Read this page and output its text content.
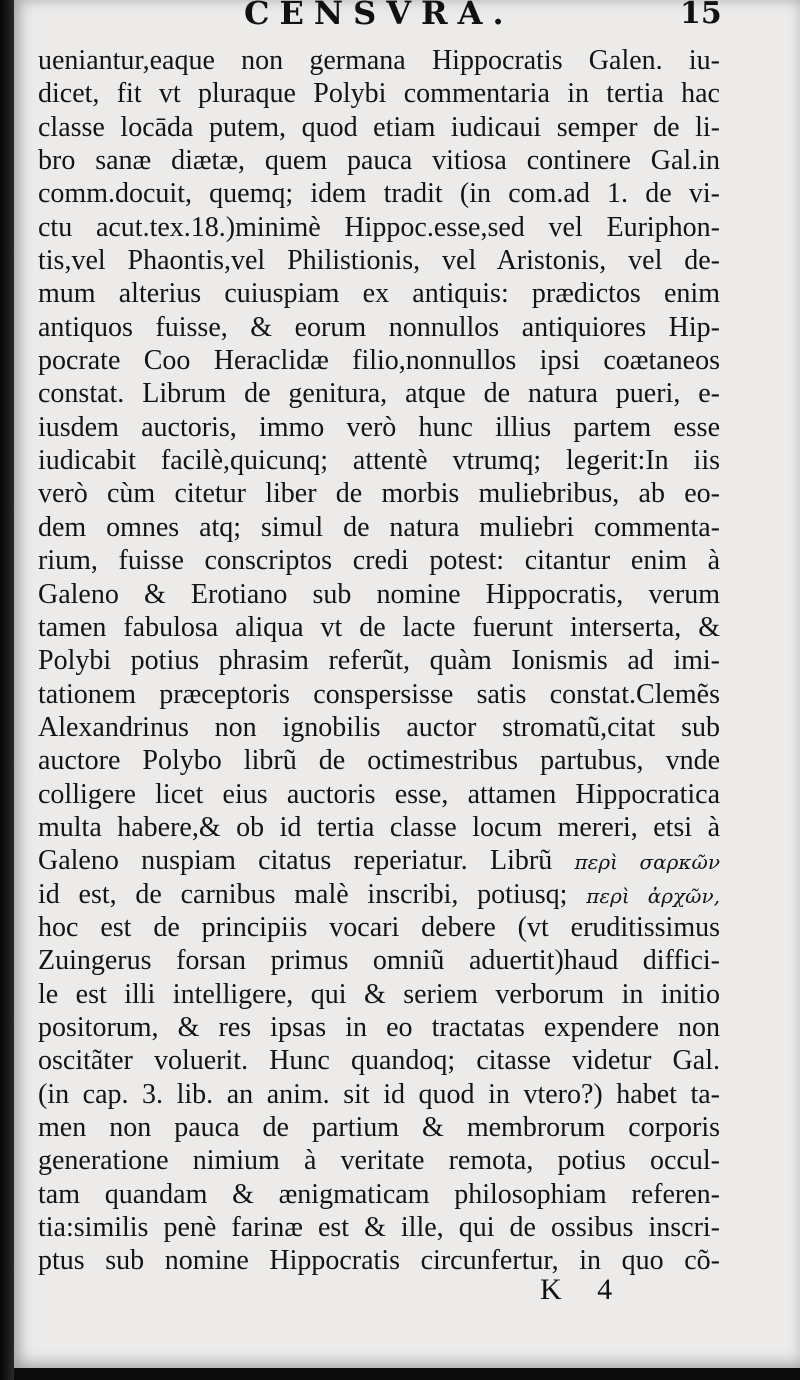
CENSVRA.	15
ueniantur,eaque non germana Hippocratis Galen. iu-
dicet, fit vt pluraque Polybi commentaria in tertia hac
classe locāda putem, quod etiam iudicaui semper de li-
bro sanæ diætæ, quem pauca vitiosa continere Gal.in
comm.docuit, quemq; idem tradit (in com.ad 1. de vi-
ctu acut.tex.18.)minimè Hippoc.esse,sed vel Euriphon-
tis,vel Phaontis,vel Philistionis, vel Aristonis, vel de-
mum alterius cuiuspiam ex antiquis: prædictos enim
antiquos fuisse, & eorum nonnullos antiquiores Hip-
pocrate Coo Heraclidæ filio,nonnullos ipsi coætaneos
constat. Librum de genitura, atque de natura pueri, e-
iusdem auctoris, immo verò hunc illius partem esse
iudicabit facilè,quicunq; attentè vtrumq; legerit:In iis
verò cùm citetur liber de morbis muliebribus, ab eo-
dem omnes atq; simul de natura muliebri commenta-
rium, fuisse conscriptos credi potest: citantur enim à
Galeno & Erotiano sub nomine Hippocratis, verum
tamen fabulosa aliqua vt de lacte fuerunt interserta, &
Polybi potius phrasim referũt, quàm Ionismis ad imi-
tationem præceptoris conspersisse satis constat.Clemẽs
Alexandrinus non ignobilis auctor stromatũ,citat sub
auctore Polybo librũ de octimestribus partubus, vnde
colligere licet eius auctoris esse, attamen Hippocratica
multa habere,& ob id tertia classe locum mereri, etsi à
Galeno nuspiam citatus reperiatur. Librũ περὶ σαρκῶν
id est, de carnibus malè inscribi, potiusq; περὶ ἀρχῶν,
hoc est de principiis vocari debere (vt eruditissimus
Zuingerus forsan primus omniũ aduertit)haud diffici-
le est illi intelligere, qui & seriem verborum in initio
positorum, & res ipsas in eo tractatas expendere non
oscitãter voluerit. Hunc quandoq; citasse videtur Gal.
(in cap. 3. lib. an anim. sit id quod in vtero?) habet ta-
men non pauca de partium & membrorum corporis
generatione nimium à veritate remota, potius occul-
tam quandam & ænigmaticam philosophiam referen-
tia:similis penè farinæ est & ille, qui de ossibus inscri-
ptus sub nomine Hippocratis circunfertur, in quo cõ-
K 4
